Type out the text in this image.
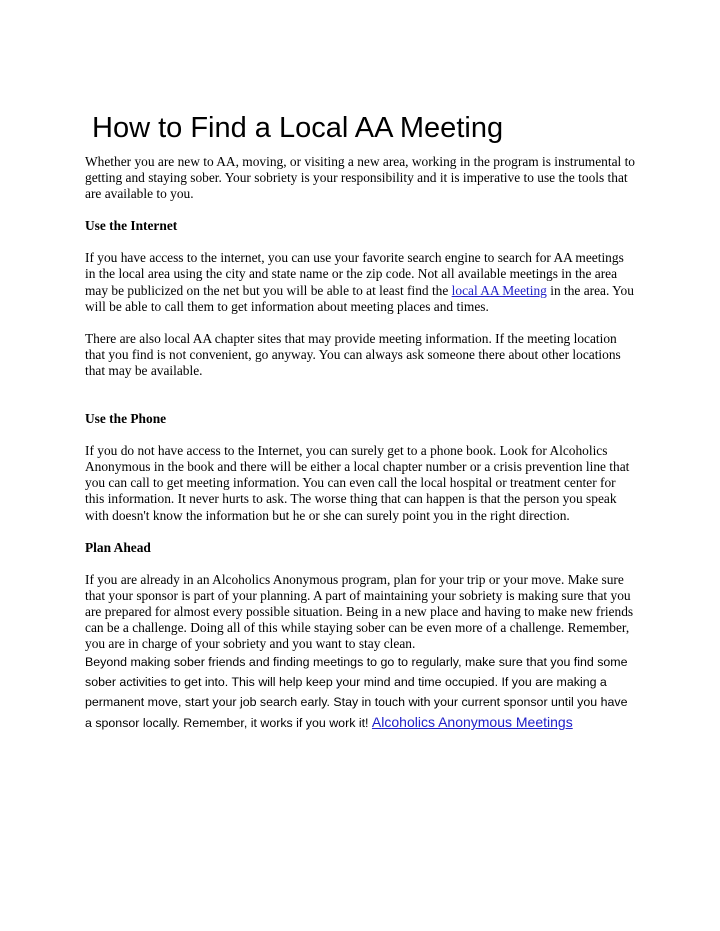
How to Find a Local AA Meeting

Whether you are new to AA, moving, or visiting a new area, working in the program is instrumental to getting and staying sober. Your sobriety is your responsibility and it is imperative to use the tools that are available to you.

Use the Internet

If you have access to the internet, you can use your favorite search engine to search for AA meetings in the local area using the city and state name or the zip code. Not all available meetings in the area may be publicized on the net but you will be able to at least find the local AA Meeting in the area. You will be able to call them to get information about meeting places and times.

There are also local AA chapter sites that may provide meeting information. If the meeting location that you find is not convenient, go anyway. You can always ask someone there about other locations that may be available.

Use the Phone

If you do not have access to the Internet, you can surely get to a phone book. Look for Alcoholics Anonymous in the book and there will be either a local chapter number or a crisis prevention line that you can call to get meeting information. You can even call the local hospital or treatment center for this information. It never hurts to ask. The worse thing that can happen is that the person you speak with doesn't know the information but he or she can surely point you in the right direction.

Plan Ahead

If you are already in an Alcoholics Anonymous program, plan for your trip or your move. Make sure that your sponsor is part of your planning. A part of maintaining your sobriety is making sure that you are prepared for almost every possible situation. Being in a new place and having to make new friends can be a challenge. Doing all of this while staying sober can be even more of a challenge. Remember, you are in charge of your sobriety and you want to stay clean.

Beyond making sober friends and finding meetings to go to regularly, make sure that you find some sober activities to get into. This will help keep your mind and time occupied. If you are making a permanent move, start your job search early. Stay in touch with your current sponsor until you have a sponsor locally. Remember, it works if you work it! Alcoholics Anonymous Meetings
